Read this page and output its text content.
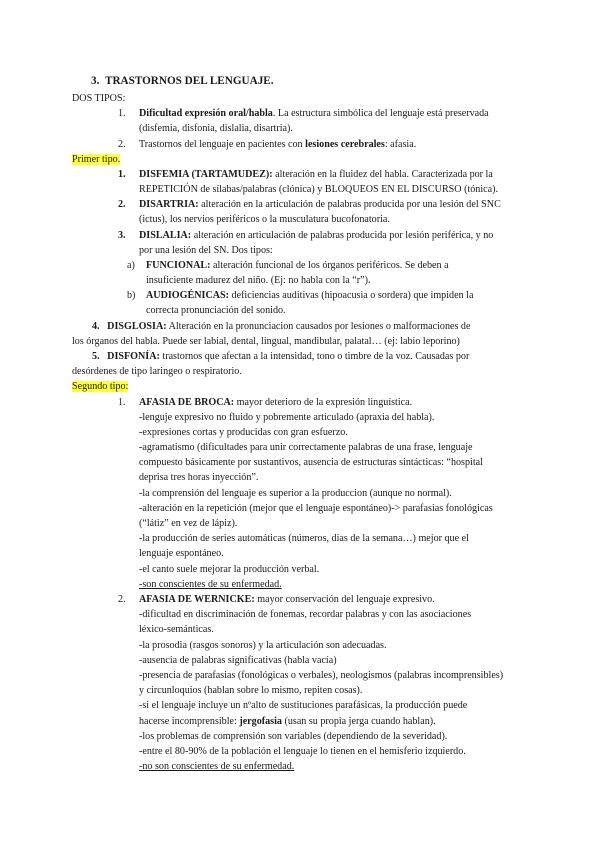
3. TRASTORNOS DEL LENGUAJE.
DOS TIPOS:
1. Dificultad expresión oral/habla. La estructura simbólica del lenguaje está preservada
(disfemia, disfonia, dislalia, disartria).
2. Trastornos del lenguaje en pacientes con lesiones cerebrales: afasia.
Primer tipo.
1. DISFEMIA (TARTAMUDEZ): alteración en la fluidez del habla. Caracterizada por la
REPETICIÓN de sílabas/palabras (clónica) y BLOQUEOS EN EL DISCURSO (tónica).
2. DISARTRIA: alteración en la articulación de palabras producida por una lesión del SNC
(ictus), los nervios periféricos o la musculatura bucofonatoria.
3. DISLALIA: alteración en articulación de palabras producida por lesión periférica, y no
por una lesión del SN. Dos tipos:
a) FUNCIONAL: alteración funcional de los órganos periféricos. Se deben a
insuficiente madurez del niño. (Ej: no habla con la “r”).
b) AUDIOGÉNICAS: deficiencias auditivas (hipoacusia o sordera) que impiden la
correcta pronunciación del sonido.
4. DISGLOSIA: Alteración en la pronunciacion causados por lesiones o malformaciones de
los órganos del habla. Puede ser labial, dental, lingual, mandibular, palatal… (ej: labio leporino)
5. DISFONÍA: trastornos que afectan a la intensidad, tono o timbre de la voz. Causadas por
desórdenes de tipo laringeo o respiratorio.
Segundo tipo:
1. AFASIA DE BROCA: mayor deterioro de la expresión linguística.
-lenguje expresivo no fluido y pobremente articulado (apraxia del habla).
-expresiones cortas y producidas con gran esfuerzo.
-agramatismo (dificultades para unir correctamente palabras de una frase, lenguaje
compuesto básicamente por sustantivos, ausencia de estructuras sintácticas: “hospital
deprisa tres horas inyección”.
-la comprensión del lenguaje es superior a la produccion (aunque no normal).
-alteración en la repetición (mejor que el lenguaje espontáneo)-> parafasias fonológicas
(“látiz” en vez de lápiz).
-la producción de series automáticas (números, dias de la semana…) mejor que el
lenguaje espontáneo.
-el canto suele mejorar la producción verbal.
-son conscientes de su enfermedad.
2. AFASIA DE WERNICKE: mayor conservación del lenguaje expresivo.
-dificultad en discriminación de fonemas, recordar palabras y con las asociaciones
léxico-semánticas.
-la prosodia (rasgos sonoros) y la articulación son adecuadas.
-ausencia de palabras significativas (habla vacía)
-presencia de parafasias (fonológicas o verbales), neologismos (palabras incomprensibles)
y circunloquios (hablan sobre lo mismo, repiten cosas).
-si el lenguaje incluye un nºalto de sustituciones parafásicas, la producción puede
hacerse incomprensible: jergofasia (usan su propia jerga cuando hablan).
-los problemas de comprensión son variables (dependiendo de la severidad).
-entre el 80-90% de la población el lenguaje lo tienen en el hemisferio izquierdo.
-no son conscientes de su enfermedad.
